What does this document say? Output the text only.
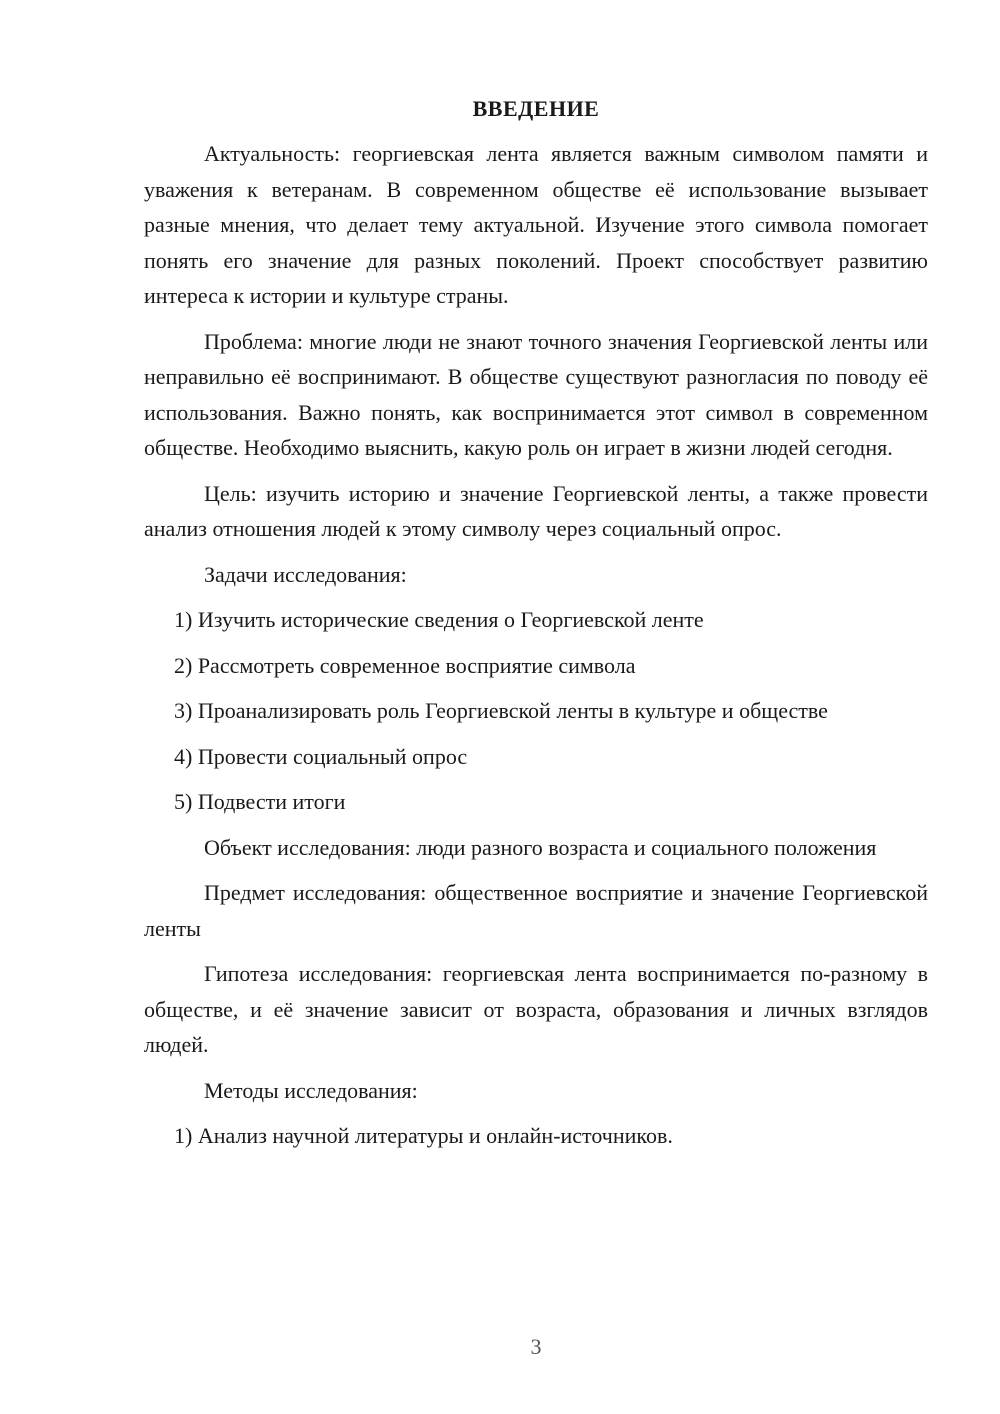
ВВЕДЕНИЕ

Актуальность: георгиевская лента является важным символом памяти и уважения к ветеранам. В современном обществе её использование вызывает разные мнения, что делает тему актуальной. Изучение этого символа помогает понять его значение для разных поколений. Проект способствует развитию интереса к истории и культуре страны.

Проблема: многие люди не знают точного значения Георгиевской ленты или неправильно её воспринимают. В обществе существуют разногласия по поводу её использования. Важно понять, как воспринимается этот символ в современном обществе. Необходимо выяснить, какую роль он играет в жизни людей сегодня.

Цель: изучить историю и значение Георгиевской ленты, а также провести анализ отношения людей к этому символу через социальный опрос.

Задачи исследования:

1) Изучить исторические сведения о Георгиевской ленте

2) Рассмотреть современное восприятие символа

3) Проанализировать роль Георгиевской ленты в культуре и обществе

4) Провести социальный опрос

5) Подвести итоги

Объект исследования: люди разного возраста и социального положения

Предмет исследования: общественное восприятие и значение Георгиевской ленты

Гипотеза исследования: георгиевская лента воспринимается по-разному в обществе, и её значение зависит от возраста, образования и личных взглядов людей.

Методы исследования:

1) Анализ научной литературы и онлайн-источников.

3
